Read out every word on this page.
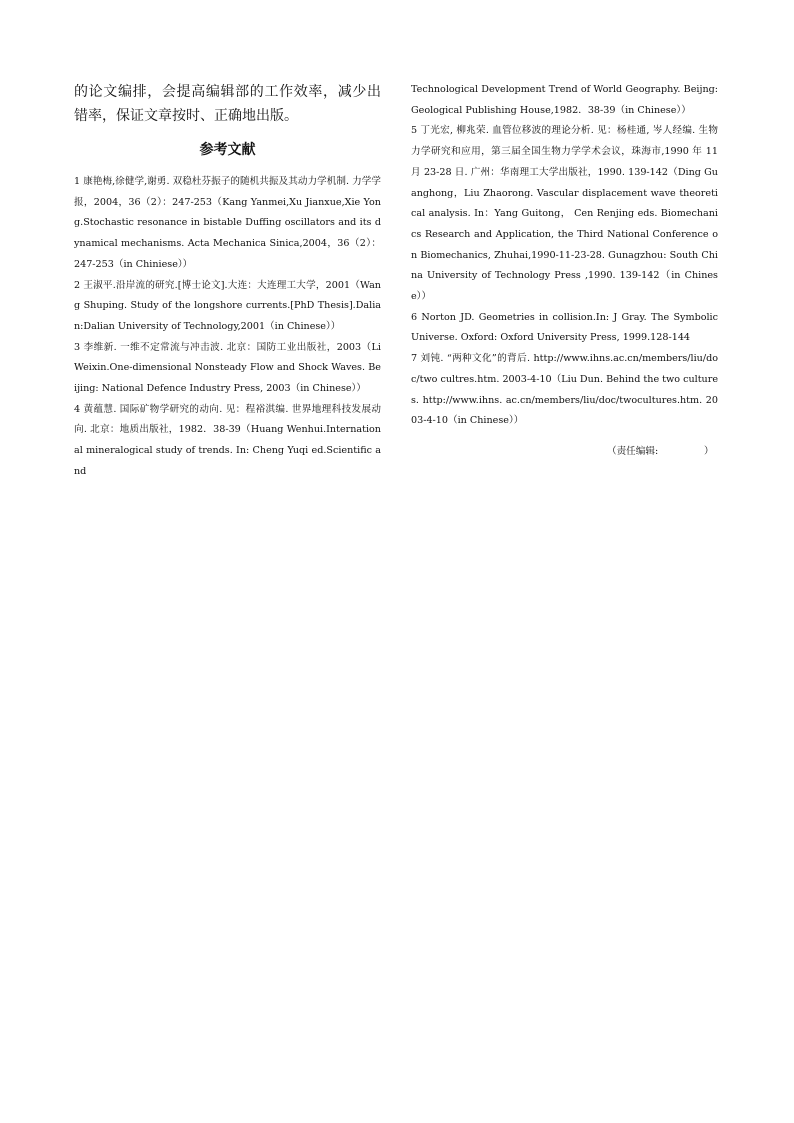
的论文编排，会提高编辑部的工作效率，减少出错率，保证文章按时、正确地出版。

参考文献

1 康艳梅,徐健学,谢勇. 双稳杜芬振子的随机共振及其动力学机制. 力学学报，2004，36（2）：247-253（Kang Yanmei,Xu Jianxue,Xie Yong.Stochastic resonance in bistable Duffing oscillators and its dynamical mechanisms. Acta Mechanica Sinica,2004，36（2）：247-253（in Chiniese））

2 王淑平.沿岸流的研究.[博士论文].大连：大连理工大学，2001（Wang Shuping. Study of the longshore currents.[PhD Thesis].Dalian:Dalian University of Technology,2001（in Chinese））

3 李维新. 一维不定常流与冲击波. 北京：国防工业出版社，2003（Li Weixin.One-dimensional Nonsteady Flow and Shock Waves. Beijing: National Defence Industry Press, 2003（in Chinese））

4 黄蕴慧. 国际矿物学研究的动向. 见：程裕淇编. 世界地理科技发展动向. 北京：地质出版社，1982．38-39（Huang Wenhui.International mineralogical study of trends. In: Cheng Yuqi ed.Scientific and

Technological Development Trend of World Geography. Beijng: Geological Publishing House,1982．38-39（in Chinese））

5 丁光宏, 柳兆荣. 血管位移波的理论分析. 见：杨桂通, 岑人经编. 生物力学研究和应用，第三届全国生物力学学术会议，珠海市,1990 年 11 月 23-28 日. 广州：华南理工大学出版社，1990. 139-142（Ding Guanghong，Liu Zhaorong. Vascular displacement wave theoretical analysis. In：Yang Guitong， Cen Renjing eds. Biomechanics Research and Application, the Third National Conference on Biomechanics, Zhuhai,1990-11-23-28. Gunagzhou: South China University of Technology Press ,1990. 139-142（in Chinese））

6 Norton JD. Geometries in collision.In: J Gray. The Symbolic Universe. Oxford: Oxford University Press, 1999.128-144

7 刘钝. “两种文化”的背后. http://www.ihns.ac.cn/members/liu/doc/two cultres.htm. 2003-4-10（Liu Dun. Behind the two cultures. http://www.ihns. ac.cn/members/liu/doc/twocultures.htm. 2003-4-10（in Chinese））

（责任编辑:               ）
